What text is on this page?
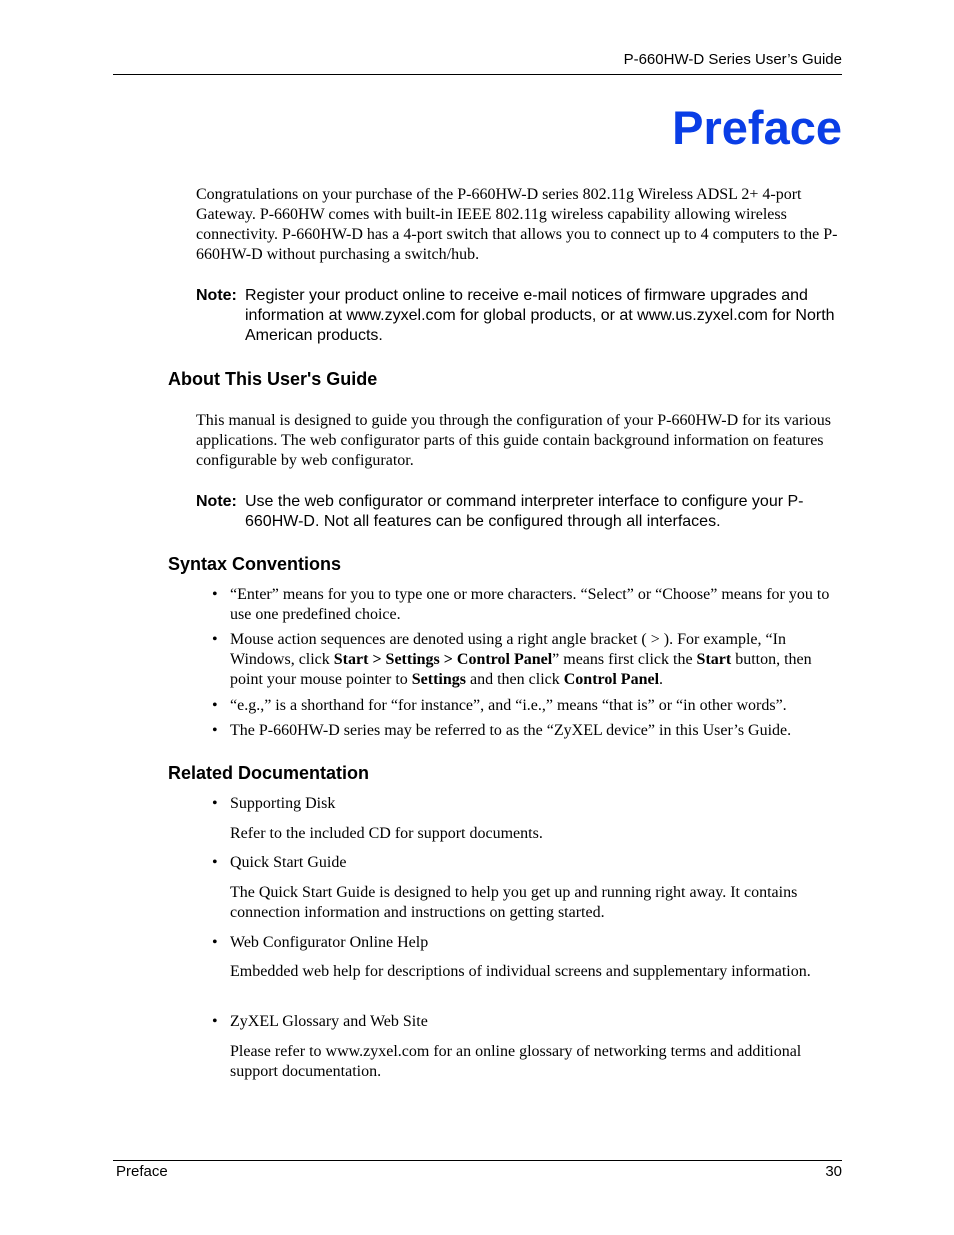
P-660HW-D Series User’s Guide
Preface
Congratulations on your purchase of the P-660HW-D series 802.11g Wireless ADSL 2+ 4-port Gateway. P-660HW comes with built-in IEEE 802.11g wireless capability allowing wireless connectivity. P-660HW-D has a 4-port switch that allows you to connect up to 4 computers to the P-660HW-D without purchasing a switch/hub.
Note: Register your product online to receive e-mail notices of firmware upgrades and information at www.zyxel.com for global products, or at www.us.zyxel.com for North American products.
About This User's Guide
This manual is designed to guide you through the configuration of your P-660HW-D for its various applications. The web configurator parts of this guide contain background information on features configurable by web configurator.
Note: Use the web configurator or command interpreter interface to configure your P-660HW-D. Not all features can be configured through all interfaces.
Syntax Conventions
• “Enter” means for you to type one or more characters. “Select” or “Choose” means for you to use one predefined choice.
• Mouse action sequences are denoted using a right angle bracket ( > ). For example, “In Windows, click Start > Settings > Control Panel” means first click the Start button, then point your mouse pointer to Settings and then click Control Panel.
• “e.g.,” is a shorthand for “for instance”, and “i.e.,” means “that is” or “in other words”.
• The P-660HW-D series may be referred to as the “ZyXEL device” in this User’s Guide.
Related Documentation
• Supporting Disk
Refer to the included CD for support documents.
• Quick Start Guide
The Quick Start Guide is designed to help you get up and running right away. It contains connection information and instructions on getting started.
• Web Configurator Online Help
Embedded web help for descriptions of individual screens and supplementary information.
• ZyXEL Glossary and Web Site
Please refer to www.zyxel.com for an online glossary of networking terms and additional support documentation.
Preface	30
